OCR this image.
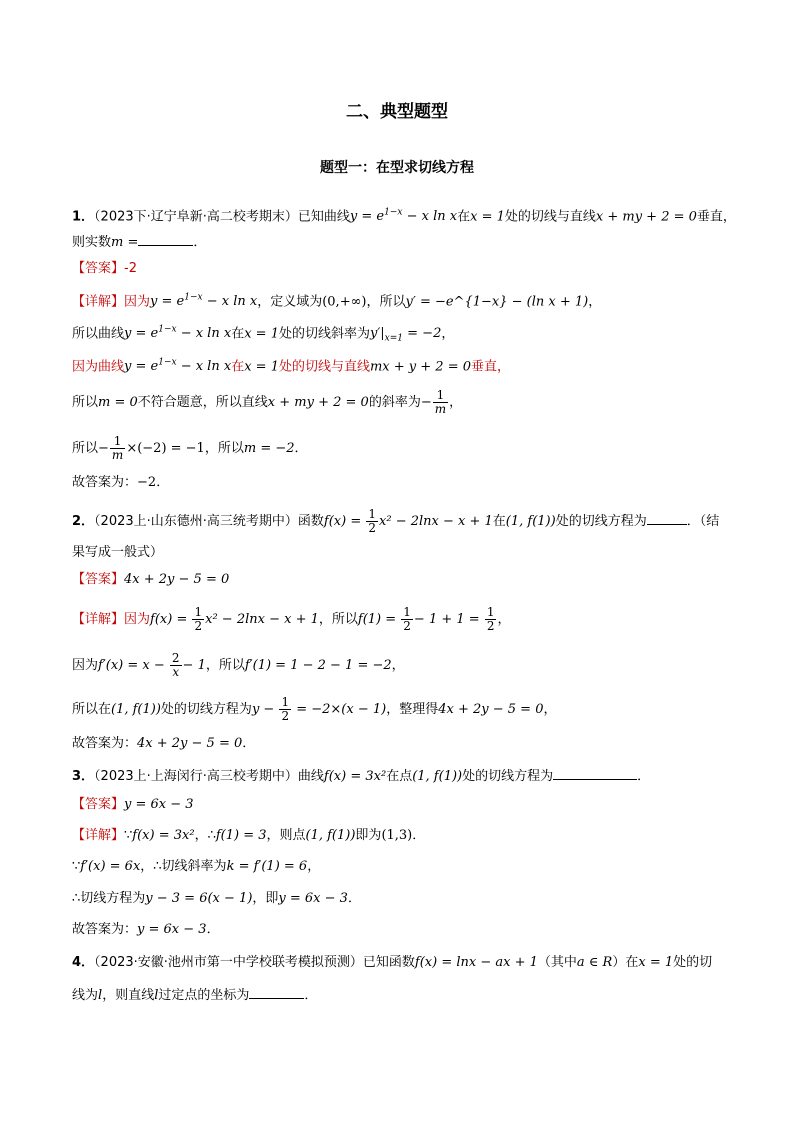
二、典型题型
题型一：在型求切线方程
1．（2023下·辽宁阜新·高二校考期末）已知曲线$y = e^{1-x} - x$ ln x在x = 1处的切线与直线x + my + 2 = 0垂直，
则实数m =	．
【答案】-2
【详解】因为$y = e^{1-x} - x$ ln x，定义域为(0,+∞)，所以y′ = −e^{1−x} − (ln x + 1)，
所以曲线$y = e^{1-x} - x$ ln x在x = 1处的切线斜率为$y'|_{x=1} = -2$，
因为曲线$y = e^{1-x} - x$ ln x在x = 1处的切线与直线mx + y + 2 = 0垂直，
所以m = 0不符合题意，所以直线x + my + 2 = 0的斜率为− $\frac{1}{m}$ ，
所以− $\frac{1}{m} \times(-2) = -1$，所以m = −2．
故答案为：−2．
2．（2023上·山东德州·高三统考期中）函数$f(x) = \frac{1}{2} x^2 - 2\ln x - x + 1$在(1, f(1))处的切线方程为	．（结
果写成一般式）
【答案】4x + 2y − 5 = 0
【详解】因为$f(x) = \frac{1}{2} x^2 - 2\ln x - x + 1$，所以$f(1) = \frac{1}{2} - 1 + 1 = \frac{1}{2}$ ，
因为$f'(x) = x - \frac{2}{x} - 1$，所以f′(1) = 1 − 2 − 1 = −2，
所以在(1, f(1))处的切线方程为$y - \frac{1}{2} = -2\times(x - 1)$，整理得4x + 2y − 5 = 0，
故答案为：4x + 2y − 5 = 0．
3．（2023上·上海闵行·高三校考期中）曲线f(x) = 3x²在点(1, f(1))处的切线方程为	．
【答案】y = 6x − 3
【详解】∵f(x) = 3x²，∴f(1) = 3，则点(1, f(1))即为(1,3)．
∵f′(x) = 6x，∴切线斜率为k = f′(1) = 6，
∴切线方程为y − 3 = 6(x − 1)，即y = 6x − 3．
故答案为：y = 6x − 3．
4．（2023·安徽·池州市第一中学校联考模拟预测）已知函数f(x) = lnx − ax + 1（其中a ∈ R）在x = 1处的切
线为l，则直线l过定点的坐标为	．
